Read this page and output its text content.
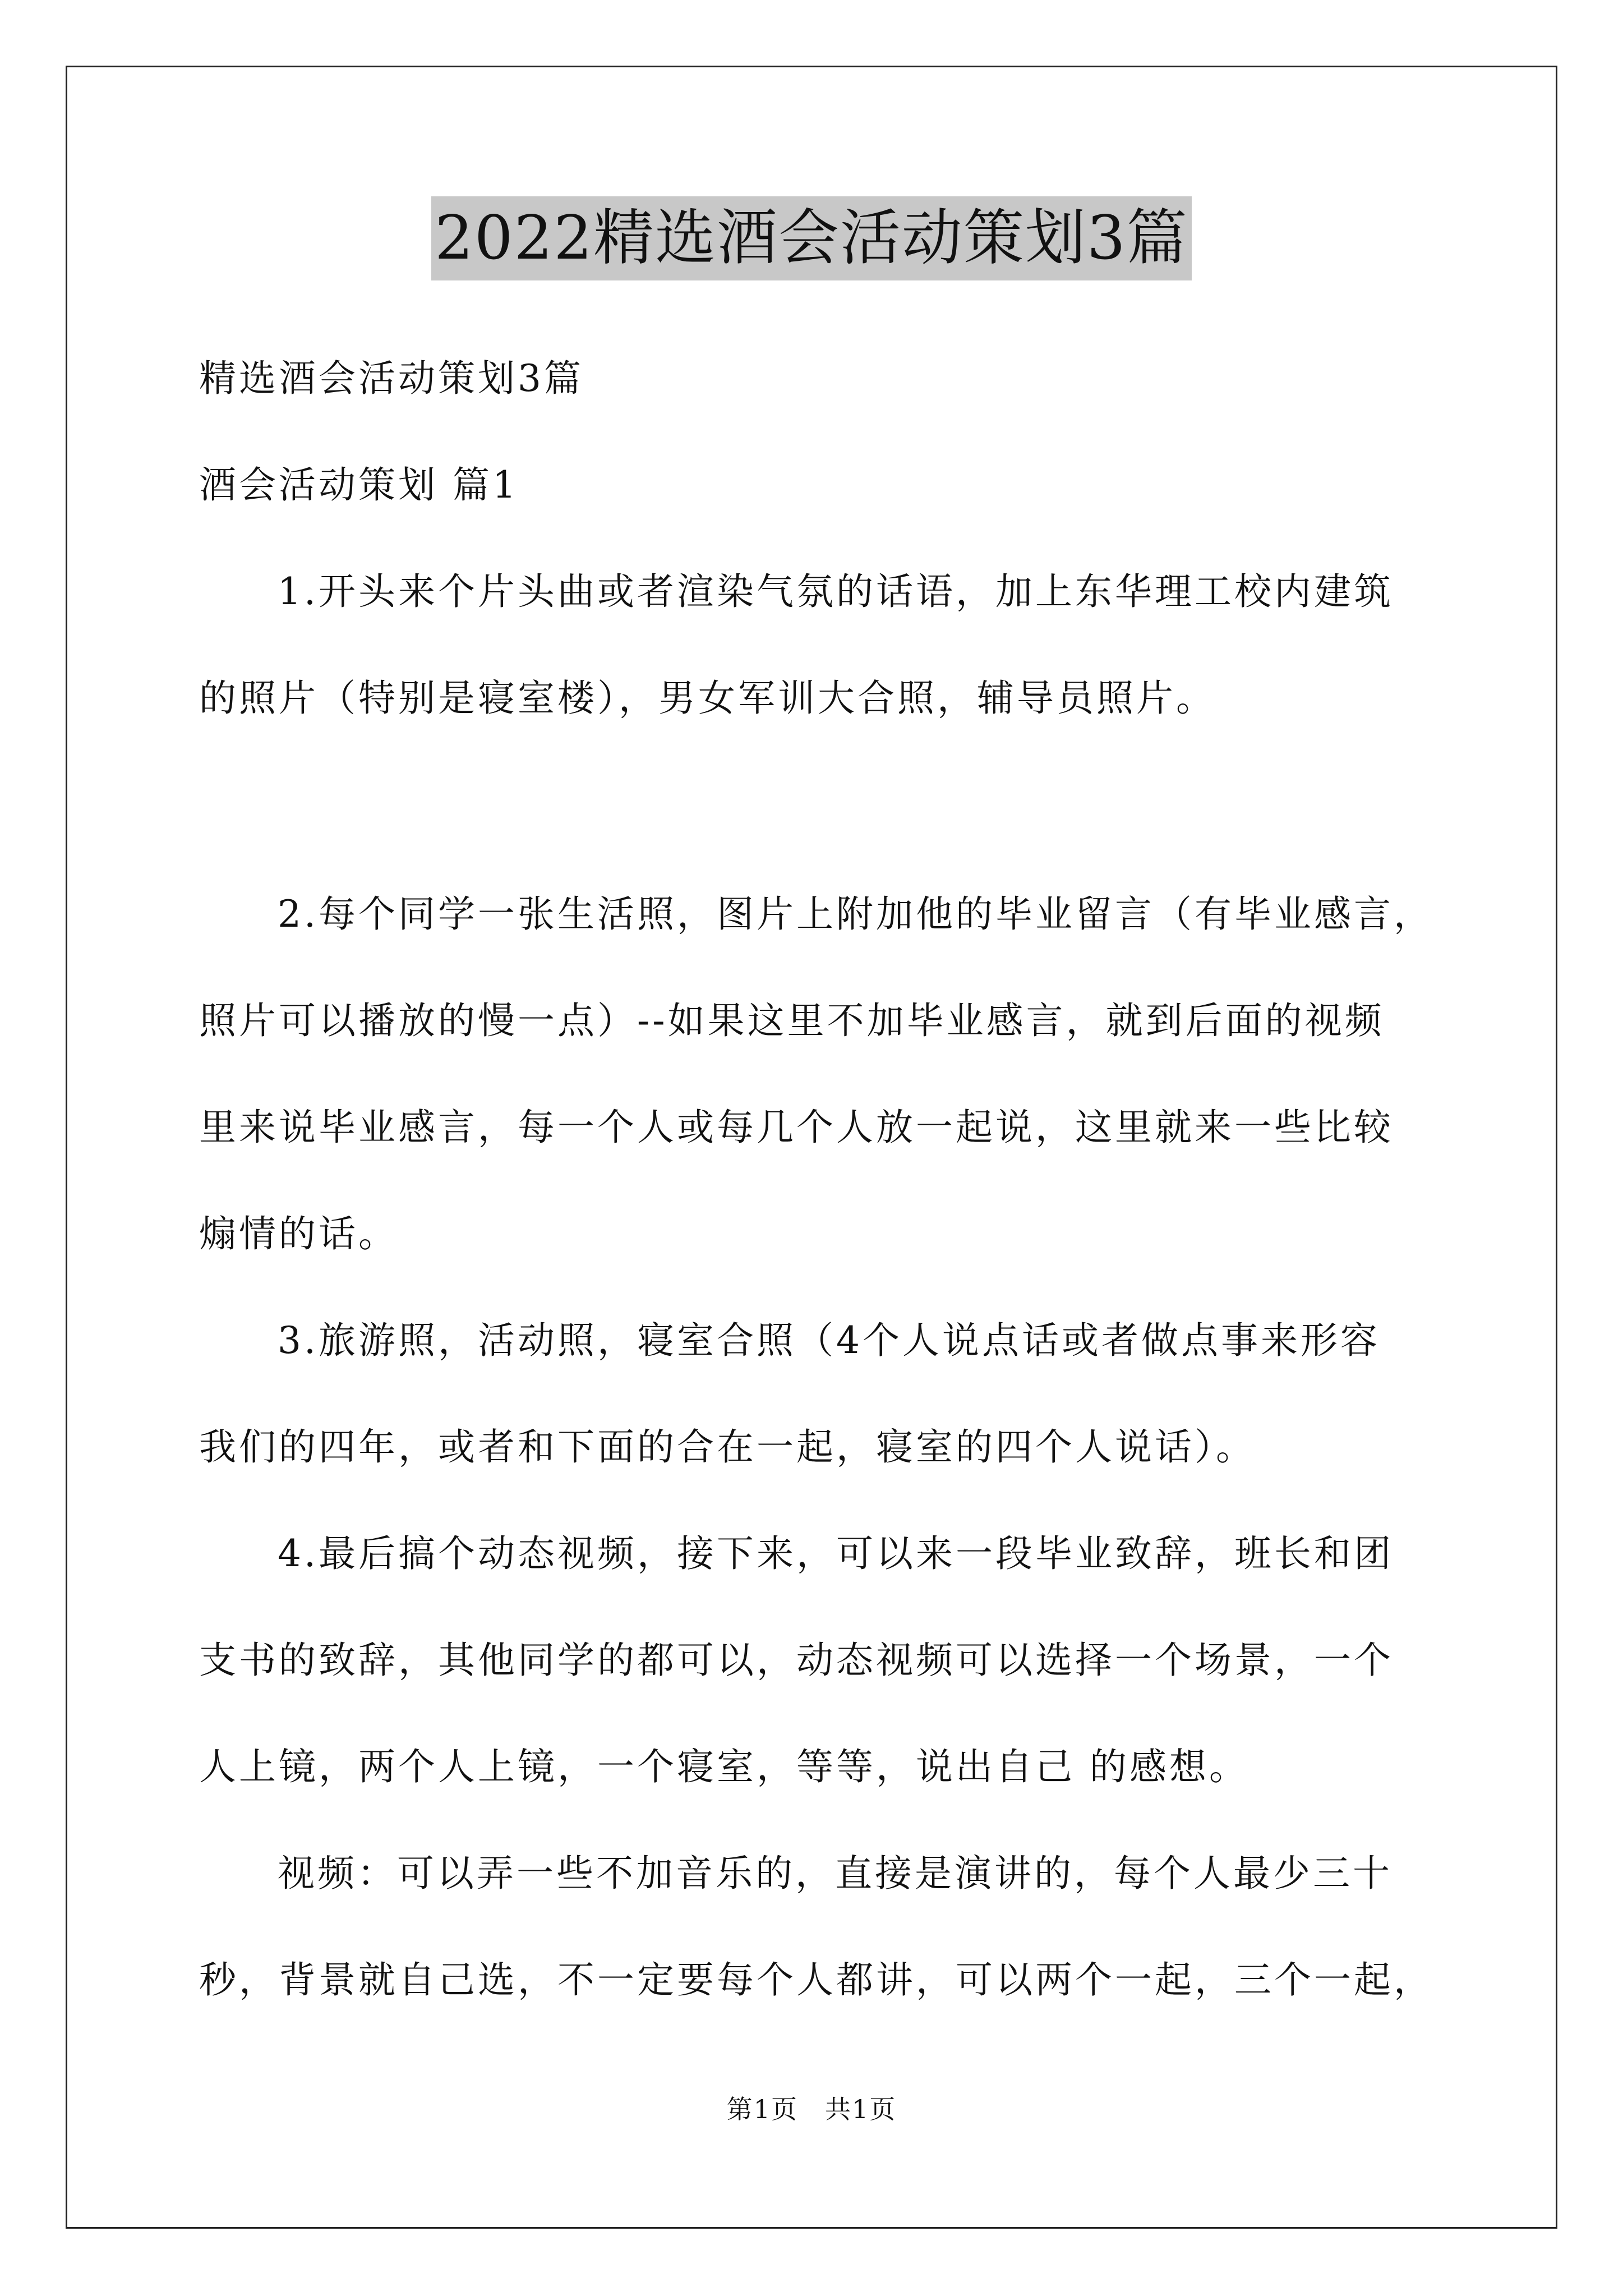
2022精选酒会活动策划3篇
精选酒会活动策划3篇
酒会活动策划 篇1
1.开头来个片头曲或者渲染气氛的话语，加上东华理工校内建筑
的照片（特别是寝室楼），男女军训大合照，辅导员照片。
2.每个同学一张生活照，图片上附加他的毕业留言（有毕业感言，
照片可以播放的慢一点）--如果这里不加毕业感言，就到后面的视频
里来说毕业感言，每一个人或每几个人放一起说，这里就来一些比较
煽情的话。
3.旅游照，活动照，寝室合照（4个人说点话或者做点事来形容
我们的四年，或者和下面的合在一起，寝室的四个人说话）。
4.最后搞个动态视频，接下来，可以来一段毕业致辞，班长和团
支书的致辞，其他同学的都可以，动态视频可以选择一个场景，一个
人上镜，两个人上镜，一个寝室，等等，说出自己 的感想。
视频：可以弄一些不加音乐的，直接是演讲的，每个人最少三十
秒，背景就自己选，不一定要每个人都讲，可以两个一起，三个一起，
第1页　共1页
